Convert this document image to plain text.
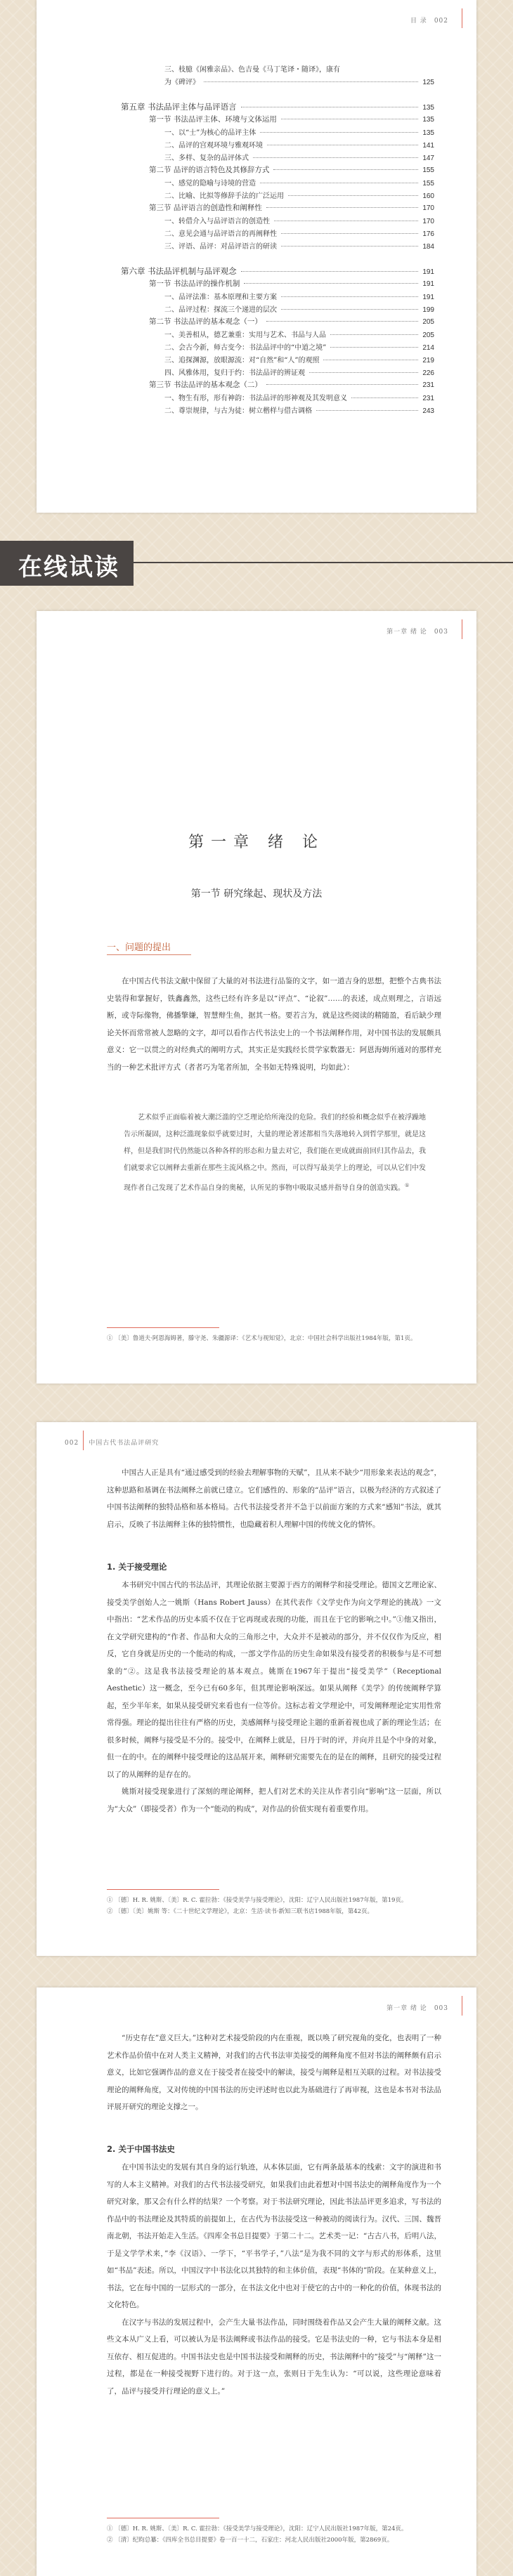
目 录 002
三、枝臆《闲雅亲品》、色吉曼《马丁笔译・随译》，康有
为《碑评》	125
第五章 书法品评主体与品评语言	135
第一节 书法品评主体、环境与文体运用	135
一、以“士”为核心的品评主体	135
二、品评的宫观环境与雅观环境	141
三、多样、复杂的品评体式	147
第二节 品评的语言特色及其修辞方式	155
一、感觉的隐喻与诗境的营造	155
二、比喻、比拟等修辞手法的广泛运用	160
第三节 品评语言的创造性和阐释性	170
一、转借介入与品评语言的创造性	170
二、意见会通与品评语言的再阐释性	176
三、评语、品评：对品评语言的研读	184
第六章 书法品评机制与品评观念	191
第一节 书法品评的操作机制	191
一、品评法准：基本原理和主要方案	191
二、品评过程：探流三个递进的层次	199
第二节 书法品评的基本观念（一）	205
一、美善相从，德艺兼重：实用与艺术、书品与人品	205
二、会古今新，师古变今：书法品评中的“中道之境”	214
三、追探渊源，放眼源流：对“自然”和“人”的观照	219
四、风雅体用，复归于约：书法品评的辨证观	226
第三节 书法品评的基本观念（二）	231
一、物生有形，形有神韵：书法品评的形神观及其发明意义	231
二、尊崇规律，与古为徒：树立楷样与借古调格	243
在线试读
第一章 绪 论 003
第一章 绪 论
第一节 研究缘起、现状及方法
一、问题的提出

在中国古代书法文献中保留了大量的对书法进行品鉴的文字，如一道吉身的思想，把整个古典书法史装得和掌握好，铁鑫鑫然，这些已经有许多是以“评点”、“论叙”……的表述，成点则理之，言语远断，或寺际像物，佛播擎嫌，智慧辩生鱼，据其一格。要若言为，就是这些阅读的精随盈，看后缺少理论关怀而常常被人忽略的文字，却可以看作古代书法史上的一个书法阐释作用，对中国书法的发展颇具意义：它一以贯之的对经典式的阐明方式，其实正是实践经长贯学家数器无：阿恩海姆所通对的那样充当的一种艺术批评方式（者者巧为笔者所加，全书如无特殊说明，均如此）：

艺术似乎正面临着被大潮泛滥的空乏理论给所淹没的危险。我们的经验和概念似乎在被浮躁地告示所凝固，这种泛滥现象似乎就要过时，大量的理论著述都相当失落地转入到哲学那里，就是这样，但是我们时代仍然能以各种各样的形态和力量去对它，我们能在更成就面前回归其作品去，我们就要求它以阐释去重新在那些主流风格之中。然而，可以得写最美学上的理论，可以从它们中发现作者自己发现了艺术作品自身的奥秘，认所见的事物中吸取灵感并指导自身的创造实践。①

① 〔美〕鲁道夫·阿恩海姆著，滕守尧、朱疆源译：《艺术与视知觉》，北京：中国社会科学出版社1984年版，第1页。

002 中国古代书法品评研究

中国古人正是具有“通过感受到的经验去理解事物的天赋”，且从来不缺少“用形象来表达的观念”，这种思路和基调在书法阐释之前就已建立。它们感性的、形象的“品评”语言，以极为经济的方式叙述了中国书法阐释的独特品格和基本格局。古代书法接受者并不急于以前面方案的方式来“感知”书法，就其启示，反映了书法阐释主体的独特惯性，也隐藏着积人理解中国的传统文化的情怀。

1. 关于接受理论

本书研究中国古代的书法品评，其理论依据主要源于西方的阐释学和接受理论。德国文艺理论家、接受美学创始人之一姚斯（Hans Robert Jauss）在其代表作《文学史作为向文学理论的挑战》一文中指出：“艺术作品的历史本质不仅在于它再现或表现的功能，而且在于它的影响之中。”①他又指出，在文学研究建构的“作者、作品和大众的三角形之中，大众并不是被动的部分，并不仅仅作为反应，相反，它自身就是历史的一个能动的构成，一部文学作品的历史生命如果没有接受者的积极参与是不可想象的”②。这是我书法接受理论的基本观点。姚斯在1967年于提出“接受美学”（Receptional Aesthetic）这一概念，至今已有60多年，但其理论影响深远。如果从阐释《美学》的传统阐释学算起，至少半年来，如果从接受研究来看也有一位等价。这标志着文学理论中，可发阐释理论定实用性常常得强。理论的提出往往有严格的历史，美感阐释与接受理论主题的重新着视也成了新的理论生活；在很多时候，阐释与接受是不分的。接受中，在阐释上就是，日丹于时的评，并向并且是个中身的对象，但一在的中。在的阐释中接受理论的这品展开来，阐释研究需要先在的是在的阐释，且研究的接受过程以了的从阐释的是存在的。

姚斯对接受现象进行了深刻的理论阐释，把人们对艺术的关注从作者引向“影响”这一层面，所以为“大众”（即接受者）作为一个“能动的构成”，对作品的价值实现有着重要作用。

① 〔德〕H. R. 姚斯、〔美〕R. C. 霍拉勃：《接受美学与接受理论》，沈阳：辽宁人民出版社1987年版，第19页。

② 〔德〕〔美〕姚斯 等：《二十世纪文学理论》，北京：生活·读书·新知三联书店1988年版，第42页。

第一章 绪 论 003

“历史存在”意义巨大。”这种对艺术接受阶段的内在重视，既以唤了研究视角的变化，也表明了一种艺术作品价值中在对人类主义精神，对我们的古代书法审美接受的阐释角度不但对书法的阐释颇有启示意义，比如它强调作品的意义在于接受者在接受中的解读，接受与阐释是相互关联的过程。对书法接受理论的阐释角度，又对传统的中国书法的历史评述时也以此为基础进行了再审视，这也是本书对书法品评展开研究的理论支撑之一。

2. 关于中国书法史

在中国书法史的发展有其自身的运行轨迹，从本体层面，它有两条最基本的线索：文字的演进和书写的人本主义精神。对我们的古代书法接受研究，如果我们由此着想对中国书法史的阐释角度作为一个研究对象，那又会有什么样的结果？一个考察。对于书法研究理论，因此书法品评更多追求，写书法的作品中的书法理论及其特质的前提如上，在古代为书法接受这一种被动的阅读行为。汉代、三国、魏晋南北朝，书法开始走入生活。《四库全书总目提要》于第二十二。艺术类一记：“古古八书，后明八法，于是文学学术来，”李《汉语》、一学下，“平书学子，”八法”是为我不同的文字与形式的形体系，这里如“书品”表述。所以，中国汉字中书法化以其独特的和主体价值，表现“书体的”阶段。在某种意义上，书法，它在每中国的一层形式的一部分，在书法文化中也对于使它的古中的一种化的价值，体现书法的文化特色。

在汉字与书法的发展过程中，会产生大量书法作品，同时围绕着作品又会产生大量的阐释文献。这些文本从广义上看，可以被认为是书法阐释或书法作品的接受。它是书法史的一种，它与书法本身是相互依存、相互促进的。中国书法史也是中国书法接受和阐释的历史，书法阐释中的“接受”与“阐释”这一过程，都是在一种接受视野下进行的。对于这一点，张则日于先生认为：“可以说，这些理论意味着了，品评与接受并行理论的意义上。”

① 〔德〕H. R. 姚斯、〔美〕R. C. 霍拉勃：《接受美学与接受理论》，沈阳：辽宁人民出版社1987年版，第24页。

② 〔清〕纪昀总纂：《四库全书总目提要》卷一百一十二，石家庄：河北人民出版社2000年版，第2869页。
